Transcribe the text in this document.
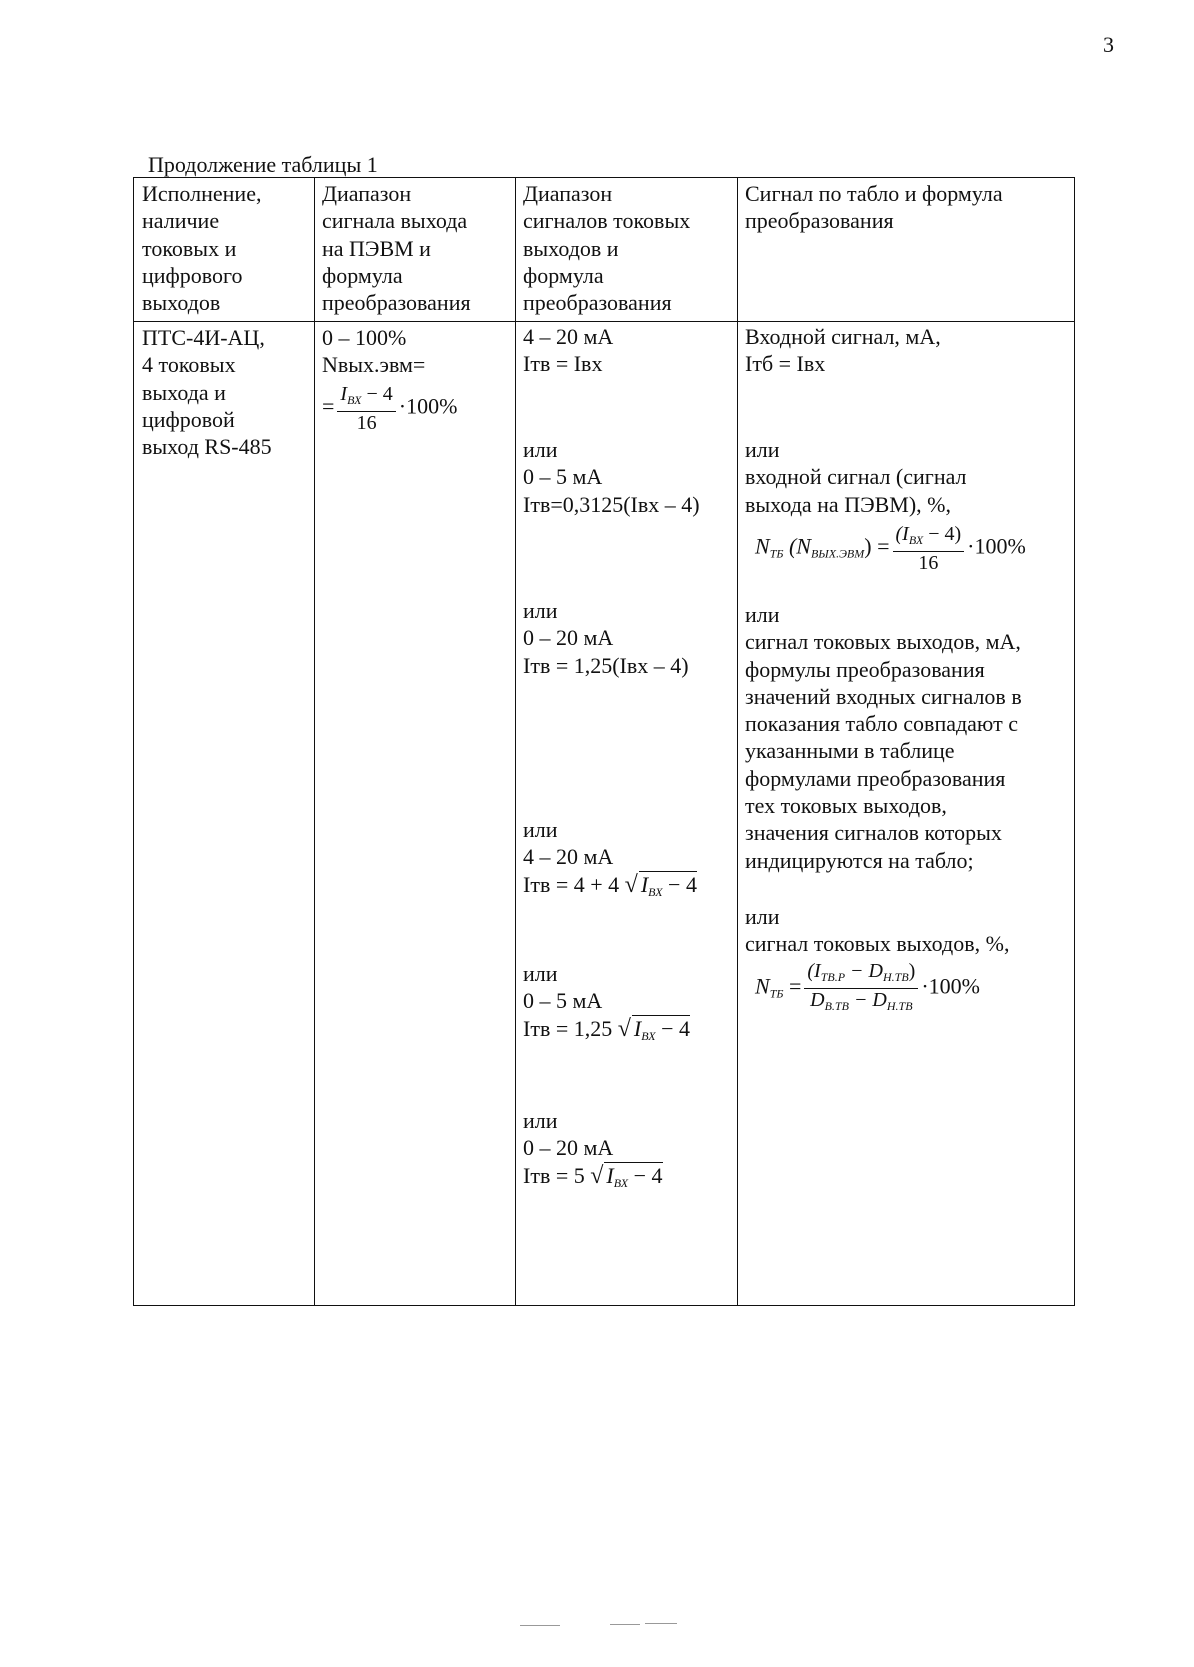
3
Продолжение таблицы 1
Исполнение,
наличие
токовых и
цифрового
выходов
Диапазон
сигнала выхода
на ПЭВМ и
формула
преобразования
Диапазон
сигналов токовых
выходов и
формула
преобразования
Сигнал по табло и формула
преобразования
ПТС-4И-АЦ,
4 токовых
выхода и
цифровой
выход RS-485
0 – 100%
Nвых.эвм=
= $\frac{I_{ВХ} - 4}{16} \cdot 100\%$
4 – 20 мА
Iтв = Iвх
или
0 – 5 мА
Iтв=0,3125(Iвх – 4)
или
0 – 20 мА
Iтв = 1,25(Iвх – 4)
или
4 – 20 мА
Iтв = 4 + 4 √ $I_{ВХ} - 4$
или
0 – 5 мА
Iтв = 1,25 √ $I_{ВХ} - 4$
или
0 – 20 мА
Iтв = 5 √ $I_{ВХ} - 4$
Входной сигнал, мА,
Iтб = Iвх
или
входной сигнал (сигнал
выхода на ПЭВМ), %,
$N_{ТБ}$ $(N_{ВЫХ.ЭВМ}) = \frac{(I_{ВХ} - 4)}{16} \cdot 100\%$
или
сигнал токовых выходов, мА,
формулы преобразования
значений входных сигналов в
показания табло совпадают с
указанными в таблице
формулами преобразования
тех токовых выходов,
значения сигналов которых
индицируются на табло;
или
сигнал токовых выходов, %,
$N_{ТБ} = \frac{(I_{ТВ.Р} - D_{Н.ТВ})}{D_{В.ТВ} - D_{Н.ТВ}} \cdot 100\%$
